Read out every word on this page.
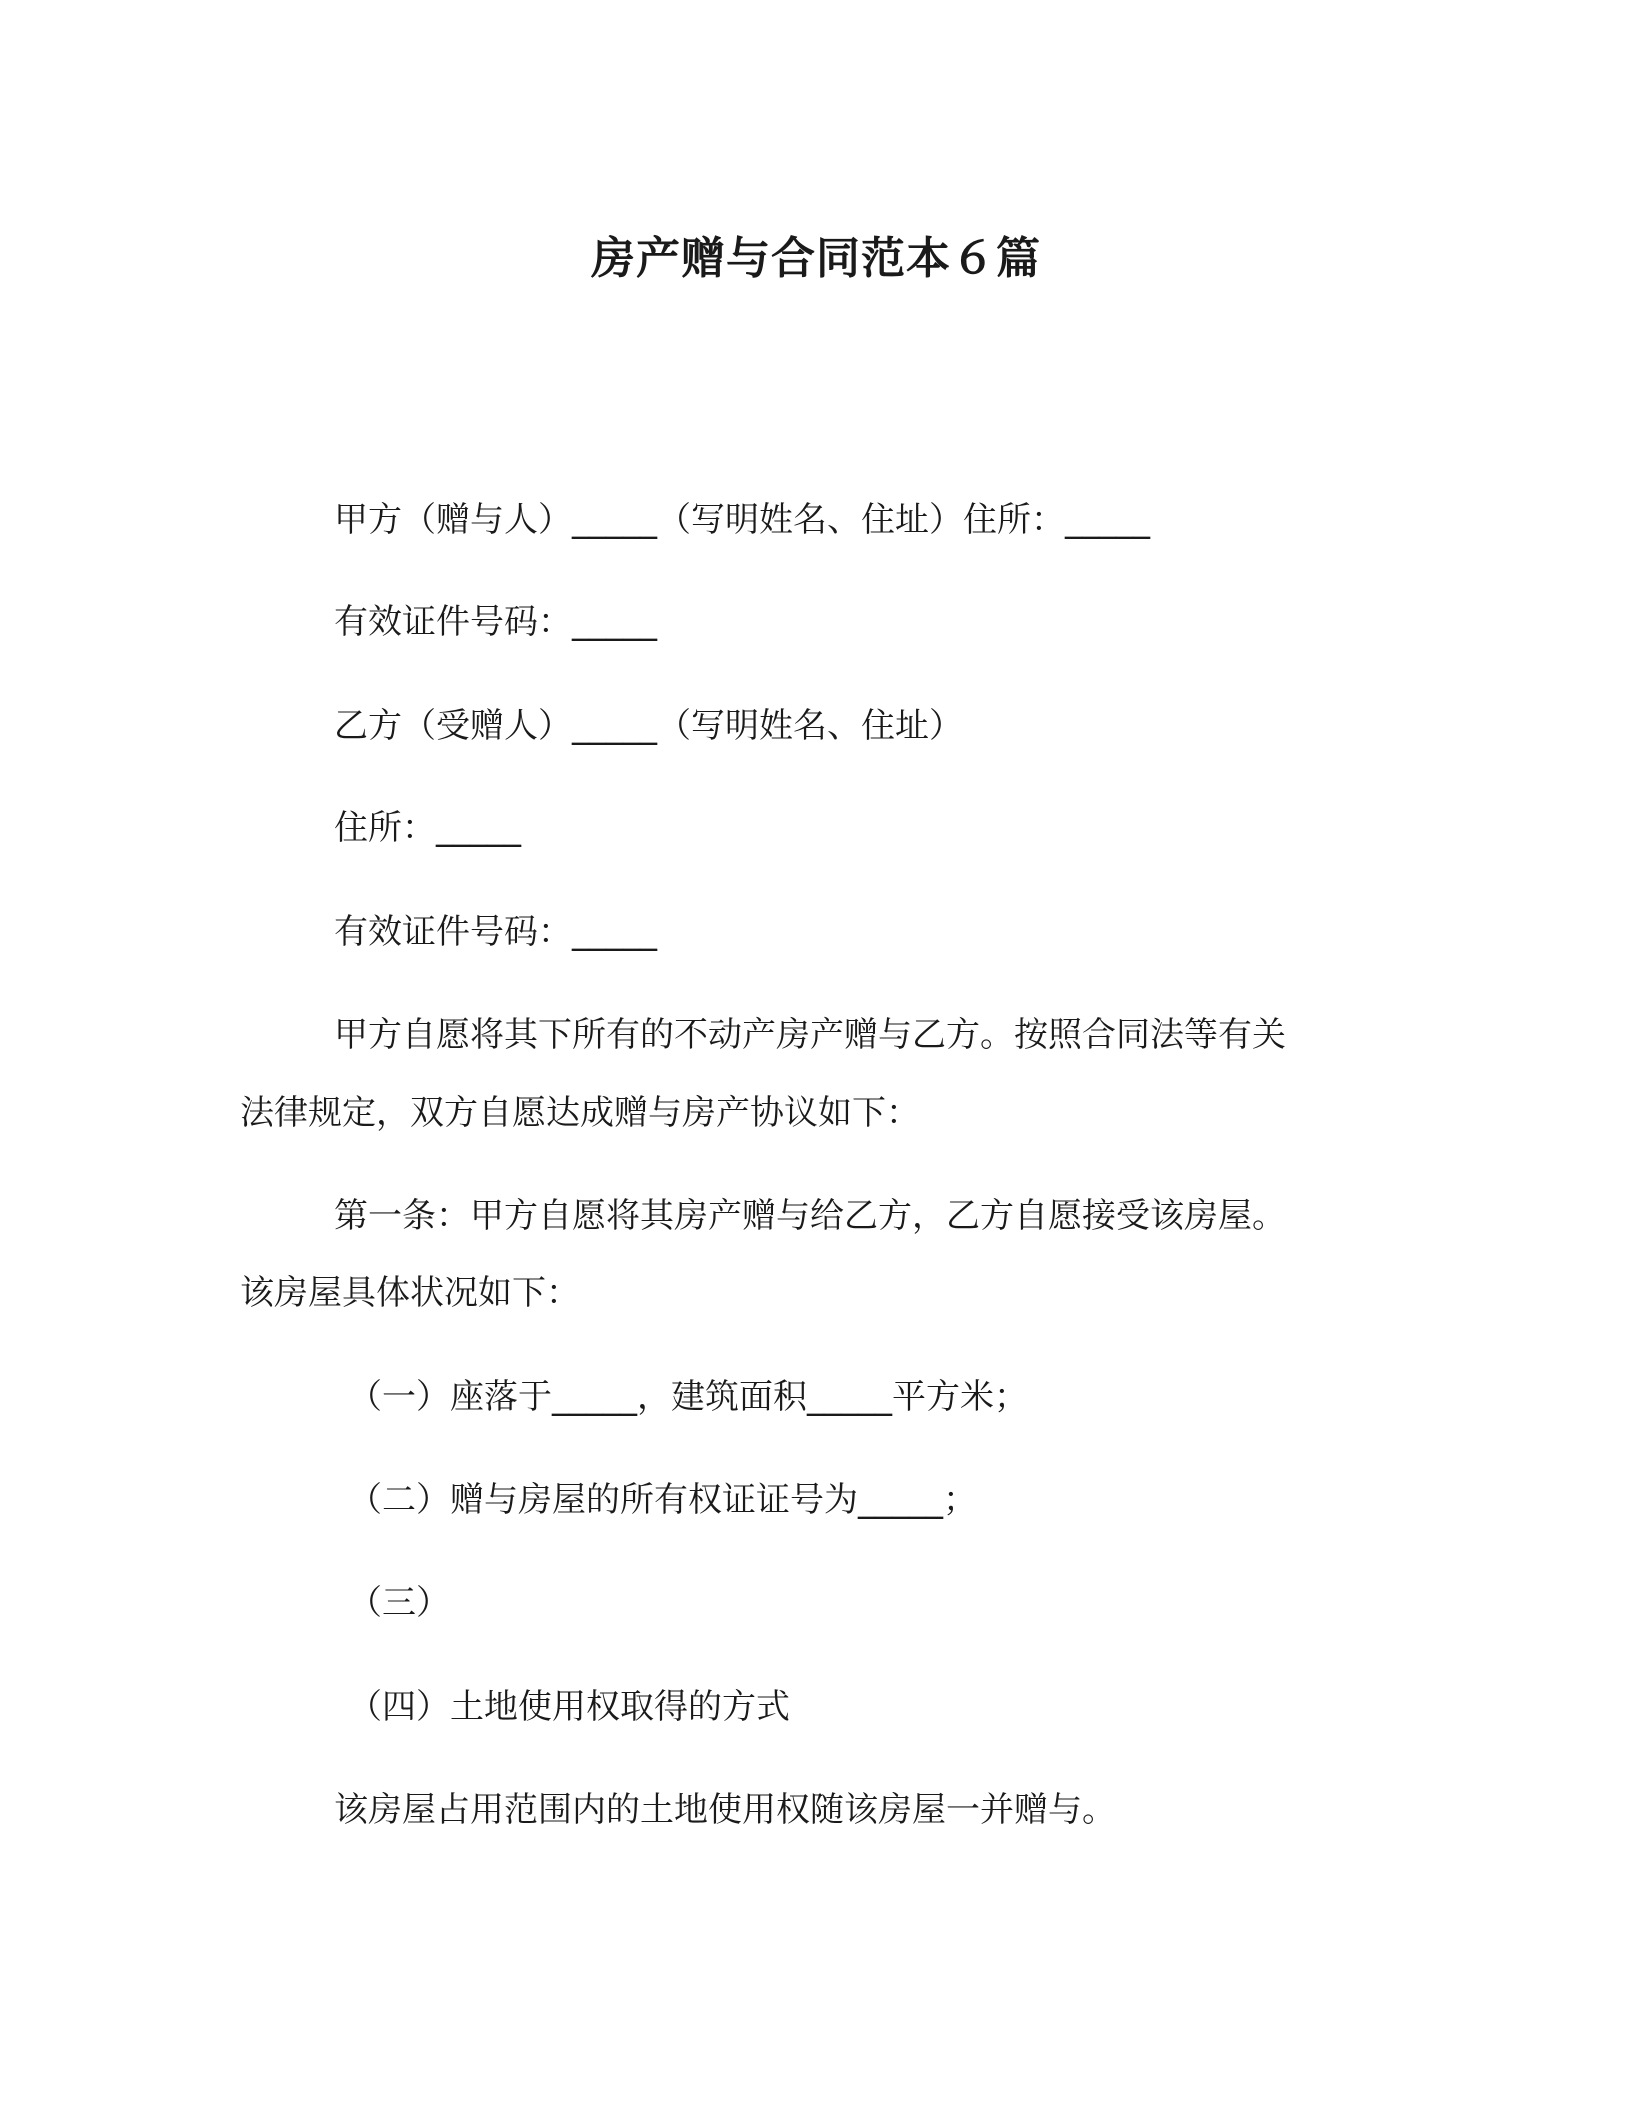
房产赠与合同范本６篇

甲方（赠与人）_____（写明姓名、住址）住所：_____

有效证件号码：_____

乙方（受赠人）_____（写明姓名、住址）

住所：_____

有效证件号码：_____

甲方自愿将其下所有的不动产房产赠与乙方。按照合同法等有关

法律规定，双方自愿达成赠与房产协议如下：

第一条：甲方自愿将其房产赠与给乙方，乙方自愿接受该房屋。

该房屋具体状况如下：

（一）座落于_____，建筑面积_____平方米；

（二）赠与房屋的所有权证证号为_____；

（三）

（四）土地使用权取得的方式

该房屋占用范围内的土地使用权随该房屋一并赠与。
